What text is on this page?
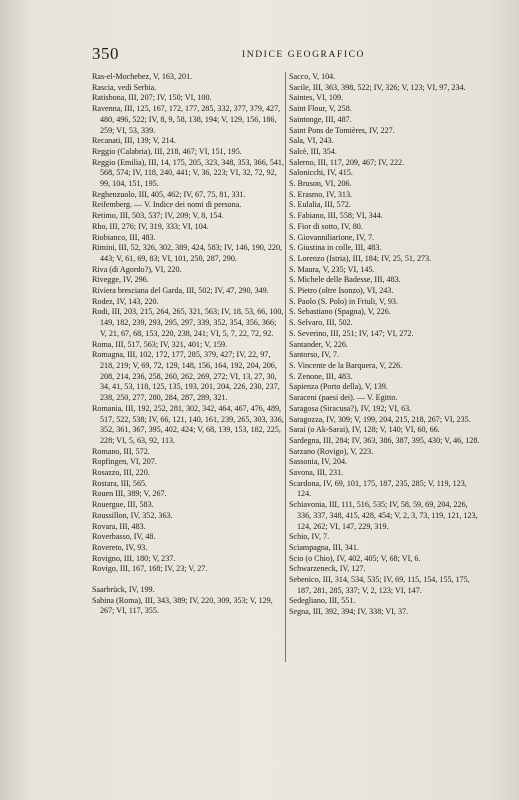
350	INDICE GEOGRAFICO

Ras-el-Mochebez, V, 163, 201.

Rascia, vedi Serbia.

Ratisbona, III, 207; IV, 150; VI, 100.

Ravenna, III, 125, 167, 172, 177, 285, 332, 377, 379, 427, 480, 496, 522; IV, 8, 9, 58, 138, 194; V, 129, 156, 186, 259; VI, 53, 339.

Recanati, III, 139; V, 214.

Reggio (Calabria), III, 218, 467; VI, 151, 195.

Reggio (Emilia), III, 14, 175, 205, 323, 348, 353, 366, 541, 568, 574; IV, 118, 240, 441; V, 36, 223; VI, 32, 72, 92, 99, 104, 151, 195.

Reghenzuolo, III, 405, 462; IV, 67, 75, 81, 331.

Reifemberg. — V. Indice dei nomi di persona.

Retimo, III, 503, 537; IV, 209; V, 8, 154.

Rho, III, 276; IV, 319, 333; VI, 104.

Riobianco, III, 483.

Rimini, III, 52, 326, 302, 389, 424, 583; IV, 146, 190, 220, 443; V, 61, 69, 83; VI, 101, 250, 287, 290.

Riva (di Agordo?), VI, 220.

Rivegge, IV, 296.

Riviera bresciana del Garda, III, 502; IV, 47, 290, 349.

Rodez, IV, 143, 220.

Rodi, III, 203, 215, 264, 265, 321, 563; IV, 18, 53, 66, 100, 149, 182, 239, 293, 295, 297, 339, 352, 354, 356, 366; V, 21, 67, 68, 153, 220, 238, 241; VI, 5, 7, 22, 72, 92.

Roma, III, 517, 563; IV, 321, 401; V, 159.

Romagna, III, 102, 172, 177, 285, 379, 427; IV, 22, 97, 218, 219; V, 69, 72, 129, 148, 156, 164, 192, 204, 206, 208, 214, 236, 258, 260, 262, 269, 272; VI, 13, 27, 30, 34, 41, 53, 118, 125, 135, 193, 201, 204, 226, 230, 237, 238, 250, 277, 280, 284, 287, 289, 321.

Romania, III, 192, 252, 281, 302, 342, 464, 467, 476, 489, 517, 522, 538; IV, 66, 121, 140, 161, 239, 265, 303, 336, 352, 361, 367, 395, 402, 424; V, 68, 139, 153, 182, 225, 228; VI, 5, 63, 92, 113.

Romano, III, 572.

Ropfingen, VI, 207.

Rosazzo, III, 220.

Rostara, III, 565.

Rouen III, 389; V, 267.

Rouergue, III, 583.

Roussillon, IV, 352, 363.

Rovara, III, 483.

Roverbasso, IV, 48.

Rovereto, IV, 93.

Rovigno, III, 180; V, 237.

Rovigo, III, 167, 168; IV, 23; V, 27.

Saarbrück, IV, 199.

Sabina (Roma), III, 343, 389; IV, 220, 309, 353; V, 129, 267; VI, 117, 355.

Sacco, V, 104.

Sacile, III, 363, 398, 522; IV, 326; V, 123; VI, 97, 234.

Saintes, VI, 109.

Saint Flour, V, 258.

Saintonge, III, 487.

Saint Pons de Tomières, IV, 227.

Sala, VI, 243.

Salcè, III, 354.

Salerno, III, 117, 209, 467; IV, 222.

Salonicchi, IV, 415.

S. Bruson, VI, 206.

S. Erasmo, IV, 313.

S. Eulalia, III, 572.

S. Fabiano, III, 558; VI, 344.

S. Fior di sotto, IV, 80.

S. Giovanniliarione, IV, 7.

S. Giustina in colle, III, 483.

S. Lorenzo (Istria), III, 184; IV, 25, 51, 273.

S. Maura, V, 235; VI, 145.

S. Michele delle Badesse, III, 483.

S. Pietro (oltre Isonzo), VI, 243.

S. Paolo (S. Polo) in Friuli, V, 93.

S. Sebastiano (Spagna), V, 226.

S. Selvaro, III, 502.

S. Severino, III, 251; IV, 147; VI, 272.

Santander, V, 226.

Santorso, IV, 7.

S. Vincente de la Barquera, V, 226.

S. Zenone, III, 483.

Sapienza (Porto della), V, 139.

Saraceni (paesi dei). — V. Egitto.

Saragosa (Siracusa?), IV, 192; VI, 63.

Saragozza, IV, 309; V, 199, 204, 215, 218, 267; VI, 235.

Sarai (o Ak-Sarai), IV, 128; V, 140; VI, 60, 66.

Sardegna, III, 284; IV, 363, 386, 387, 395, 430; V, 46, 128.

Sarzano (Rovigo), V, 223.

Sassonia, IV, 204.

Savona, III, 231.

Scardona, IV, 69, 101, 175, 187, 235, 285; V, 119, 123, 124.

Schiavonia, III, 111, 516, 535; IV, 58, 59, 69, 204, 226, 336, 337, 348, 415, 428, 454; V, 2, 3, 73, 119, 121, 123, 124, 262; VI, 147, 229, 319.

Schio, IV, 7.

Sciampagna, III, 341.

Scio (o Chio), IV, 402, 405; V, 68; VI, 6.

Schwarzeneck, IV, 127.

Sebenico, III, 314, 534, 535; IV, 69, 115, 154, 155, 175, 187, 281, 285, 337; V, 2, 123; VI, 147.

Sedegliano, III, 551.

Segna, III, 392, 394; IV, 338; VI, 37.
